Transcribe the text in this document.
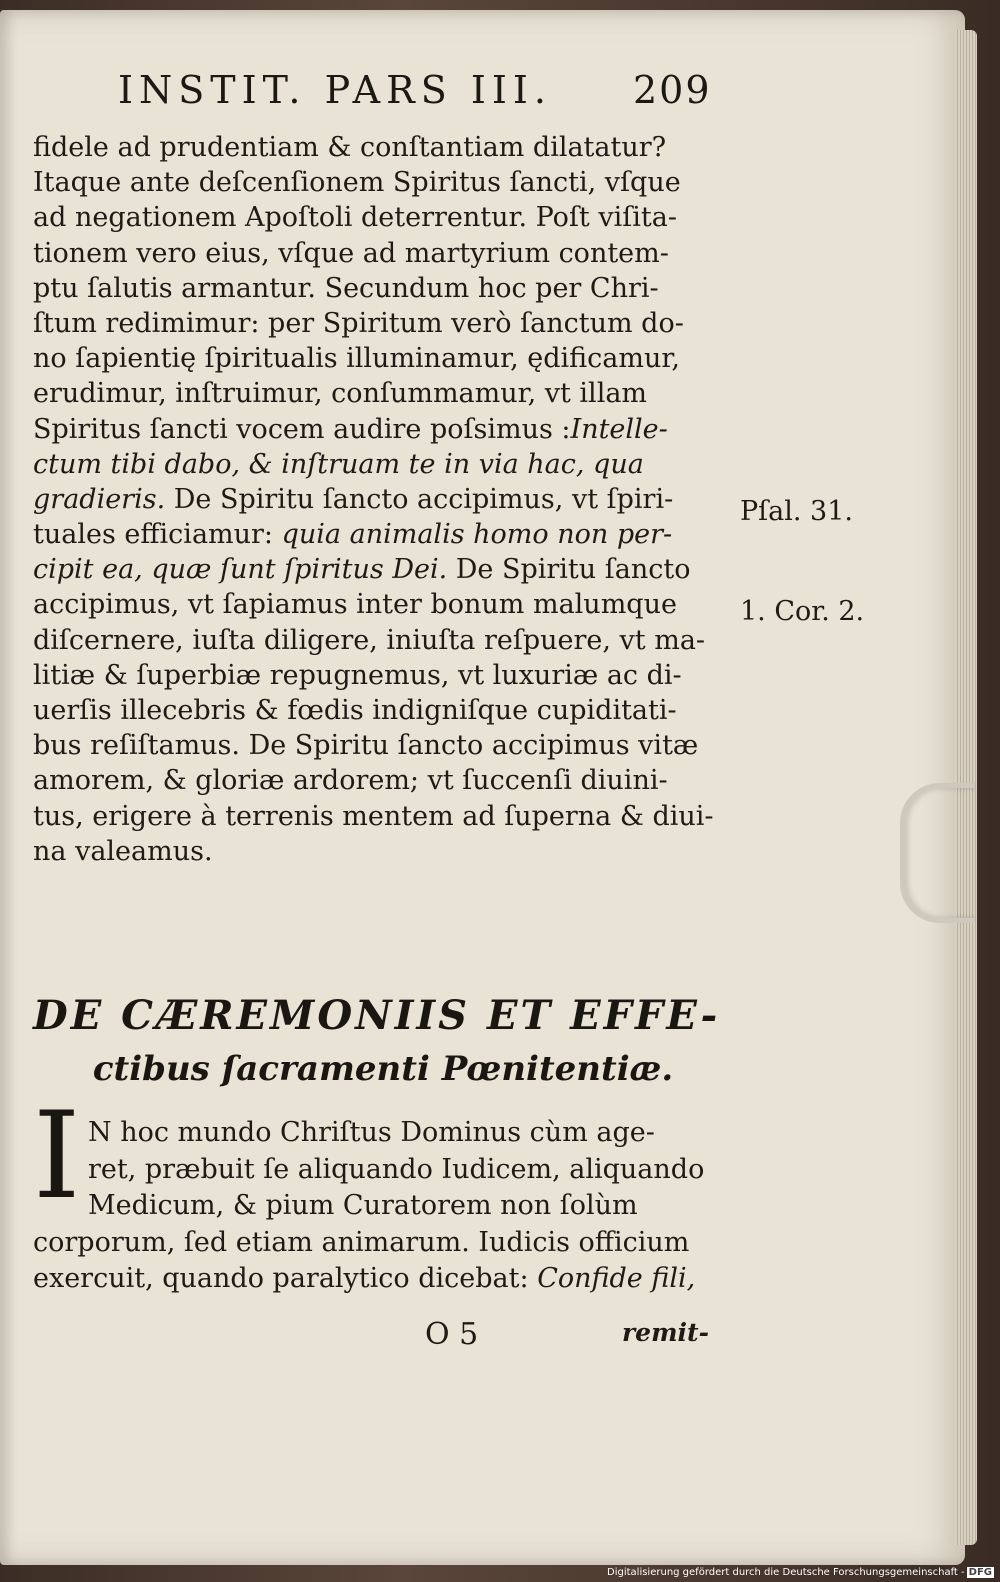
INSTIT. PARS III. 209
fidele ad prudentiam & conſtantiam dilatatur?
Itaque ante deſcenſionem Spiritus ſancti, vſque
ad negationem Apoſtoli deterrentur. Poſt viſita-
tionem vero eius, vſque ad martyrium contem-
ptu ſalutis armantur. Secundum hoc per Chri-
ſtum redimimur: per Spiritum verò ſanctum do-
no ſapientię ſpiritualis illuminamur, ędificamur,
erudimur, inſtruimur, conſummamur, vt illam
Spiritus ſancti vocem audire poſsimus :Intelle-
ctum tibi dabo, & inſtruam te in via hac, qua
gradieris. De Spiritu ſancto accipimus, vt ſpiri-
tuales efficiamur: quia animalis homo non per-
cipit ea, quæ ſunt ſpiritus Dei. De Spiritu ſancto
accipimus, vt ſapiamus inter bonum malumque
diſcernere, iuſta diligere, iniuſta reſpuere, vt ma-
litiæ & ſuperbiæ repugnemus, vt luxuriæ ac di-
uerſis illecebris & fœdis indigniſque cupiditati-
bus reſiſtamus. De Spiritu ſancto accipimus vitæ
amorem, & gloriæ ardorem; vt ſuccenſi diuini-
tus, erigere à terrenis mentem ad ſuperna & diui-
na valeamus.
Pſal. 31.
1. Cor. 2.
DE CÆREMONIIS ET EFFE-
ctibus ſacramenti Pœnitentiæ.
I N hoc mundo Chriſtus Dominus cùm age-
ret, præbuit ſe aliquando Iudicem, aliquando
Medicum, & pium Curatorem non ſolùm
corporum, ſed etiam animarum. Iudicis officium
exercuit, quando paralytico dicebat: Confide fili,
O 5	remit-
Digitalisierung gefördert durch die Deutsche Forschungsgemeinschaft - DFG
